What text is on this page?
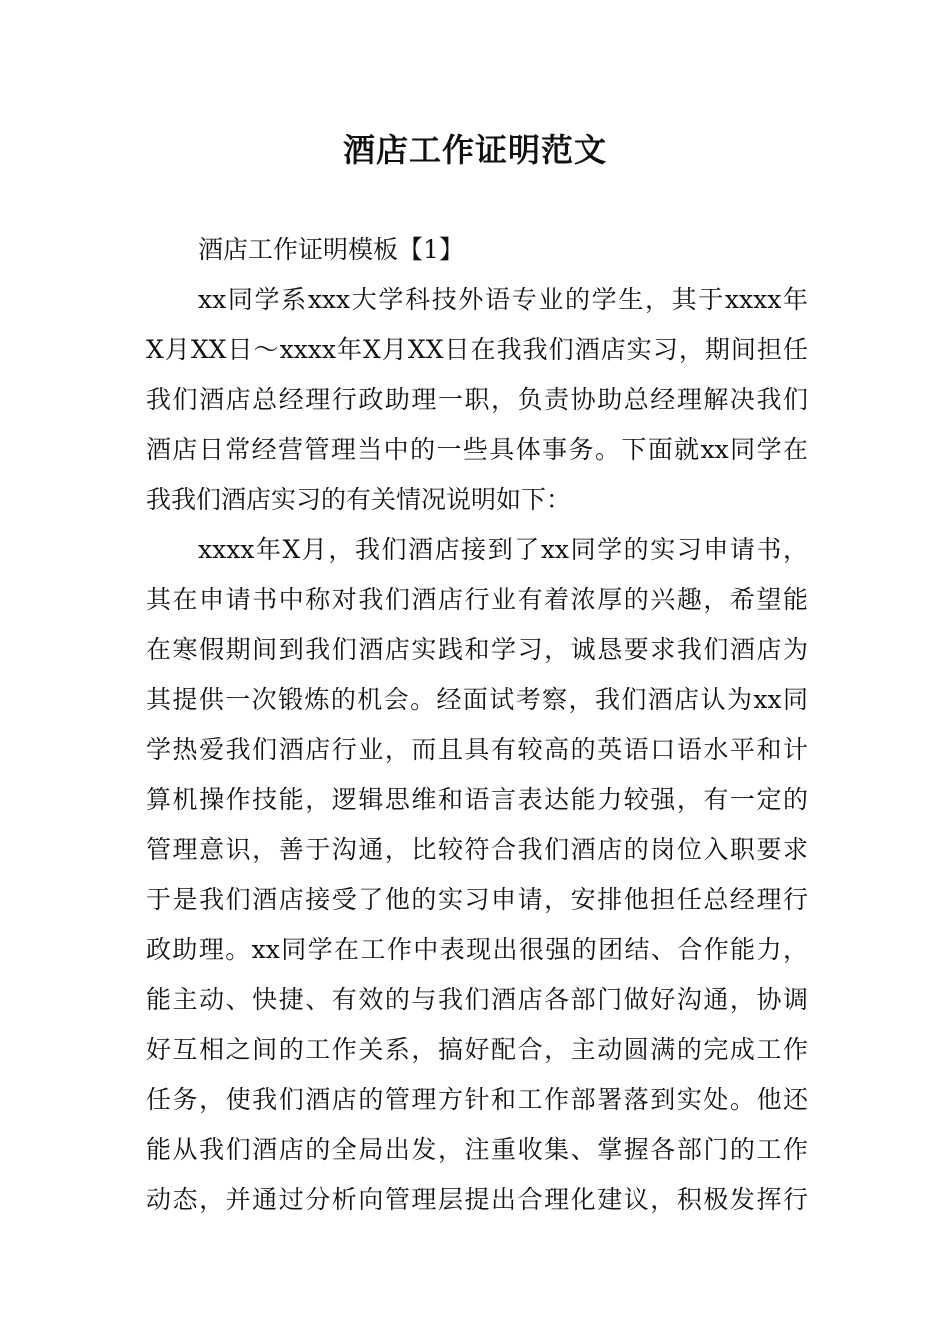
酒店工作证明范文
酒店工作证明模板【1】
xx同学系xxx大学科技外语专业的学生，其于xxxx年
X月XX日～xxxx年X月XX日在我我们酒店实习，期间担任
我们酒店总经理行政助理一职，负责协助总经理解决我们
酒店日常经营管理当中的一些具体事务。下面就xx同学在
我我们酒店实习的有关情况说明如下：
xxxx年X月，我们酒店接到了xx同学的实习申请书，
其在申请书中称对我们酒店行业有着浓厚的兴趣，希望能
在寒假期间到我们酒店实践和学习，诚恳要求我们酒店为
其提供一次锻炼的机会。经面试考察，我们酒店认为xx同
学热爱我们酒店行业，而且具有较高的英语口语水平和计
算机操作技能，逻辑思维和语言表达能力较强，有一定的
管理意识，善于沟通，比较符合我们酒店的岗位入职要求
于是我们酒店接受了他的实习申请，安排他担任总经理行
政助理。xx同学在工作中表现出很强的团结、合作能力，
能主动、快捷、有效的与我们酒店各部门做好沟通，协调
好互相之间的工作关系，搞好配合，主动圆满的完成工作
任务，使我们酒店的管理方针和工作部署落到实处。他还
能从我们酒店的全局出发，注重收集、掌握各部门的工作
动态，并通过分析向管理层提出合理化建议，积极发挥行
